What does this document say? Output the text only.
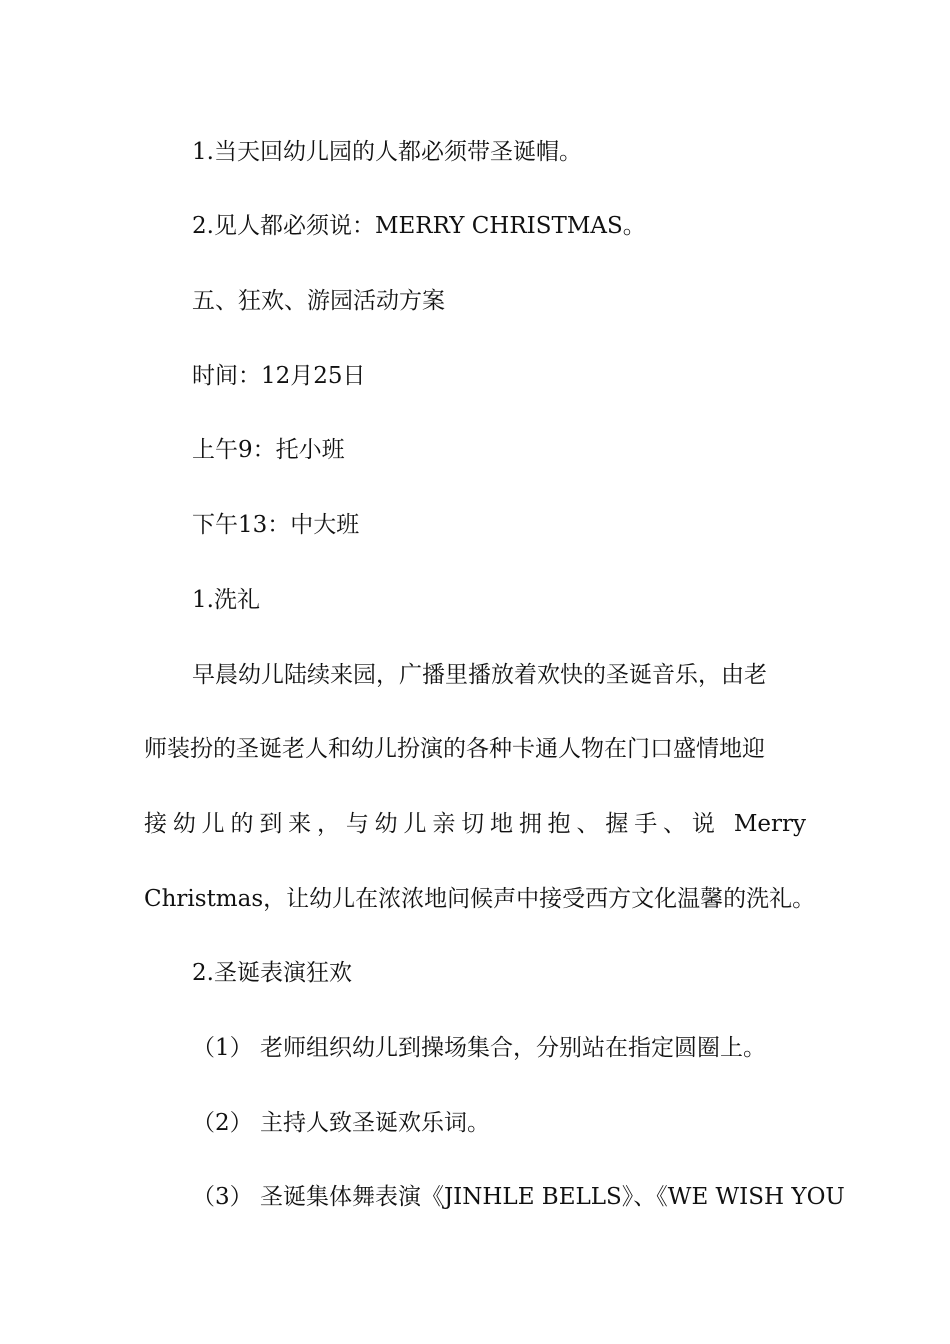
1.当天回幼儿园的人都必须带圣诞帽。
2.见人都必须说：MERRY CHRISTMAS。
五、狂欢、游园活动方案
时间：12月25日
上午9：托小班
下午13：中大班
1.洗礼
早晨幼儿陆续来园，广播里播放着欢快的圣诞音乐，由老
师装扮的圣诞老人和幼儿扮演的各种卡通人物在门口盛情地迎
接幼儿的到来，与幼儿亲切地拥抱、握手、说 Merry
Christmas，让幼儿在浓浓地问候声中接受西方文化温馨的洗礼。
2.圣诞表演狂欢
（1） 老师组织幼儿到操场集合，分别站在指定圆圈上。
（2） 主持人致圣诞欢乐词。
（3） 圣诞集体舞表演《JINHLE BELLS》、《WE WISH YOU
